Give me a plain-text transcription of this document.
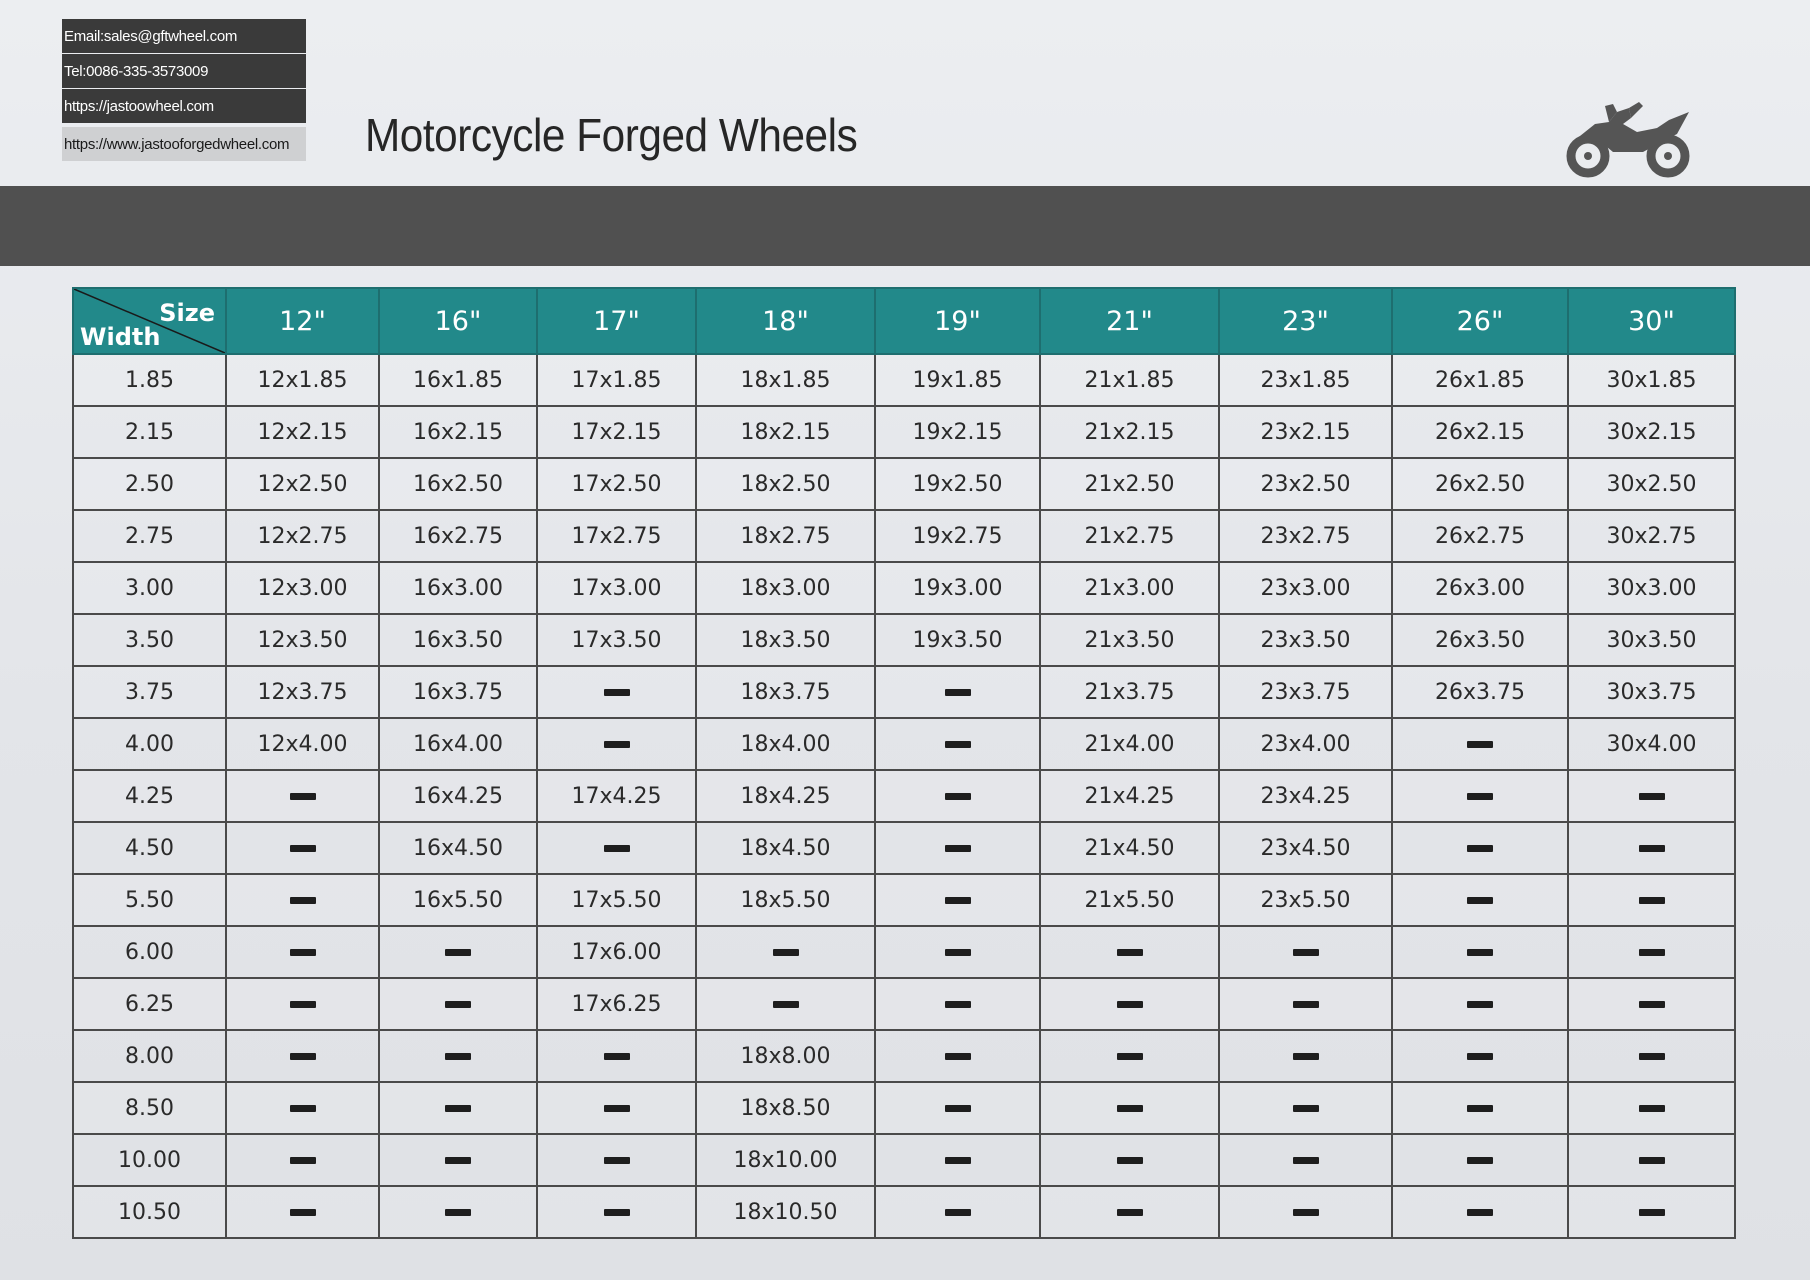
Email:sales@gftwheel.com
Tel:0086-335-3573009
https://jastoowheel.com
https://www.jastooforgedwheel.com	Motorcycle Forged Wheels
Size
Width	12"	16"	17"	18"	19"	21"	23"	26"	30"
1.85	12x1.85	16x1.85	17x1.85	18x1.85	19x1.85	21x1.85	23x1.85	26x1.85	30x1.85
2.15	12x2.15	16x2.15	17x2.15	18x2.15	19x2.15	21x2.15	23x2.15	26x2.15	30x2.15
2.50	12x2.50	16x2.50	17x2.50	18x2.50	19x2.50	21x2.50	23x2.50	26x2.50	30x2.50
2.75	12x2.75	16x2.75	17x2.75	18x2.75	19x2.75	21x2.75	23x2.75	26x2.75	30x2.75
3.00	12x3.00	16x3.00	17x3.00	18x3.00	19x3.00	21x3.00	23x3.00	26x3.00	30x3.00
3.50	12x3.50	16x3.50	17x3.50	18x3.50	19x3.50	21x3.50	23x3.50	26x3.50	30x3.50
3.75	12x3.75	16x3.75		18x3.75		21x3.75	23x3.75	26x3.75	30x3.75
4.00	12x4.00	16x4.00		18x4.00		21x4.00	23x4.00		30x4.00
4.25		16x4.25	17x4.25	18x4.25		21x4.25	23x4.25		
4.50		16x4.50		18x4.50		21x4.50	23x4.50		
5.50		16x5.50	17x5.50	18x5.50		21x5.50	23x5.50		
6.00			17x6.00						
6.25			17x6.25						
8.00				18x8.00					
8.50				18x8.50					
10.00				18x10.00					
10.50				18x10.50					
